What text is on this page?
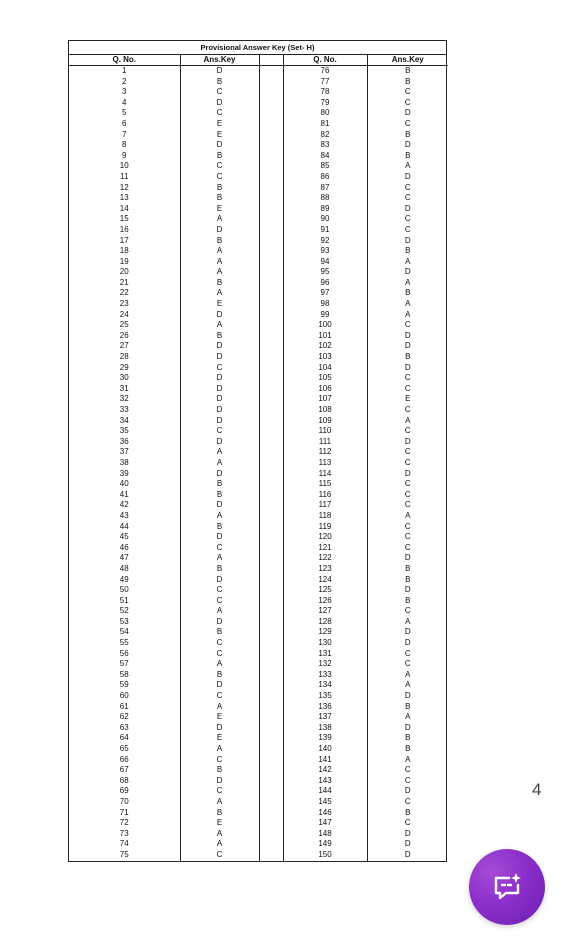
Provisional Answer Key (Set- H)
Q. No.	Ans.Key		Q. No.	Ans.Key
1	D		76	B
2	B		77	B
3	C		78	C
4	D		79	C
5	C		80	D
6	E		81	C
7	E		82	B
8	D		83	D
9	B		84	B
10	C		85	A
11	C		86	D
12	B		87	C
13	B		88	C
14	E		89	D
15	A		90	C
16	D		91	C
17	B		92	D
18	A		93	B
19	A		94	A
20	A		95	D
21	B		96	A
22	A		97	B
23	E		98	A
24	D		99	A
25	A		100	C
26	B		101	D
27	D		102	D
28	D		103	B
29	C		104	D
30	D		105	C
31	D		106	C
32	D		107	E
33	D		108	C
34	D		109	A
35	C		110	C
36	D		111	D
37	A		112	C
38	A		113	C
39	D		114	D
40	B		115	C
41	B		116	C
42	D		117	C
43	A		118	A
44	B		119	C
45	D		120	C
46	C		121	C
47	A		122	D
48	B		123	B
49	D		124	B
50	C		125	D
51	C		126	B
52	A		127	C
53	D		128	A
54	B		129	D
55	C		130	D
56	C		131	C
57	A		132	C
58	B		133	A
59	D		134	A
60	C		135	D
61	A		136	B
62	E		137	A
63	D		138	D
64	E		139	B
65	A		140	B
66	C		141	A
67	B		142	C
68	D		143	C
69	C		144	D
70	A		145	C
71	B		146	B
72	E		147	C
73	A		148	D
74	A		149	D
75	C		150	D
4
